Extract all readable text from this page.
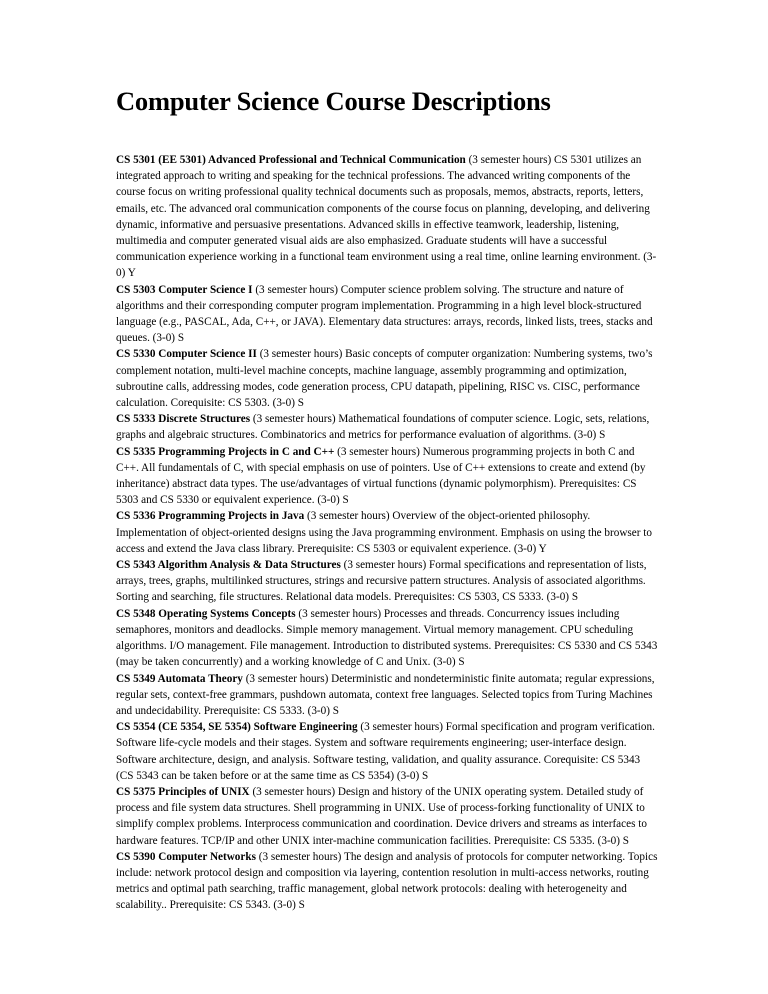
Computer Science Course Descriptions

CS 5301 (EE 5301) Advanced Professional and Technical Communication (3 semester hours) CS 5301 utilizes an integrated approach to writing and speaking for the technical professions. The advanced writing components of the course focus on writing professional quality technical documents such as proposals, memos, abstracts, reports, letters, emails, etc. The advanced oral communication components of the course focus on planning, developing, and delivering dynamic, informative and persuasive presentations. Advanced skills in effective teamwork, leadership, listening, multimedia and computer generated visual aids are also emphasized. Graduate students will have a successful communication experience working in a functional team environment using a real time, online learning environment. (3-0) Y

CS 5303 Computer Science I (3 semester hours) Computer science problem solving. The structure and nature of algorithms and their corresponding computer program implementation. Programming in a high level block-structured language (e.g., PASCAL, Ada, C++, or JAVA). Elementary data structures: arrays, records, linked lists, trees, stacks and queues. (3-0) S

CS 5330 Computer Science II (3 semester hours) Basic concepts of computer organization: Numbering systems, two’s complement notation, multi-level machine concepts, machine language, assembly programming and optimization, subroutine calls, addressing modes, code generation process, CPU datapath, pipelining, RISC vs. CISC, performance calculation. Corequisite: CS 5303. (3-0) S

CS 5333 Discrete Structures (3 semester hours) Mathematical foundations of computer science. Logic, sets, relations, graphs and algebraic structures. Combinatorics and metrics for performance evaluation of algorithms. (3-0) S

CS 5335 Programming Projects in C and C++ (3 semester hours) Numerous programming projects in both C and C++. All fundamentals of C, with special emphasis on use of pointers. Use of C++ extensions to create and extend (by inheritance) abstract data types. The use/advantages of virtual functions (dynamic polymorphism). Prerequisites: CS 5303 and CS 5330 or equivalent experience. (3-0) S

CS 5336 Programming Projects in Java (3 semester hours) Overview of the object-oriented philosophy. Implementation of object-oriented designs using the Java programming environment. Emphasis on using the browser to access and extend the Java class library. Prerequisite: CS 5303 or equivalent experience. (3-0) Y

CS 5343 Algorithm Analysis & Data Structures (3 semester hours) Formal specifications and representation of lists, arrays, trees, graphs, multilinked structures, strings and recursive pattern structures. Analysis of associated algorithms. Sorting and searching, file structures. Relational data models. Prerequisites: CS 5303, CS 5333. (3-0) S

CS 5348 Operating Systems Concepts (3 semester hours) Processes and threads. Concurrency issues including semaphores, monitors and deadlocks. Simple memory management. Virtual memory management. CPU scheduling algorithms. I/O management. File management. Introduction to distributed systems. Prerequisites: CS 5330 and CS 5343 (may be taken concurrently) and a working knowledge of C and Unix. (3-0) S

CS 5349 Automata Theory (3 semester hours) Deterministic and nondeterministic finite automata; regular expressions, regular sets, context-free grammars, pushdown automata, context free languages. Selected topics from Turing Machines and undecidability. Prerequisite: CS 5333. (3-0) S

CS 5354 (CE 5354, SE 5354) Software Engineering (3 semester hours) Formal specification and program verification. Software life-cycle models and their stages. System and software requirements engineering; user-interface design. Software architecture, design, and analysis. Software testing, validation, and quality assurance. Corequisite: CS 5343 (CS 5343 can be taken before or at the same time as CS 5354) (3-0) S

CS 5375 Principles of UNIX (3 semester hours) Design and history of the UNIX operating system. Detailed study of process and file system data structures. Shell programming in UNIX. Use of process-forking functionality of UNIX to simplify complex problems. Interprocess communication and coordination. Device drivers and streams as interfaces to hardware features. TCP/IP and other UNIX inter-machine communication facilities. Prerequisite: CS 5335. (3-0) S

CS 5390 Computer Networks (3 semester hours) The design and analysis of protocols for computer networking. Topics include: network protocol design and composition via layering, contention resolution in multi-access networks, routing metrics and optimal path searching, traffic management, global network protocols: dealing with heterogeneity and scalability.. Prerequisite: CS 5343. (3-0) S
